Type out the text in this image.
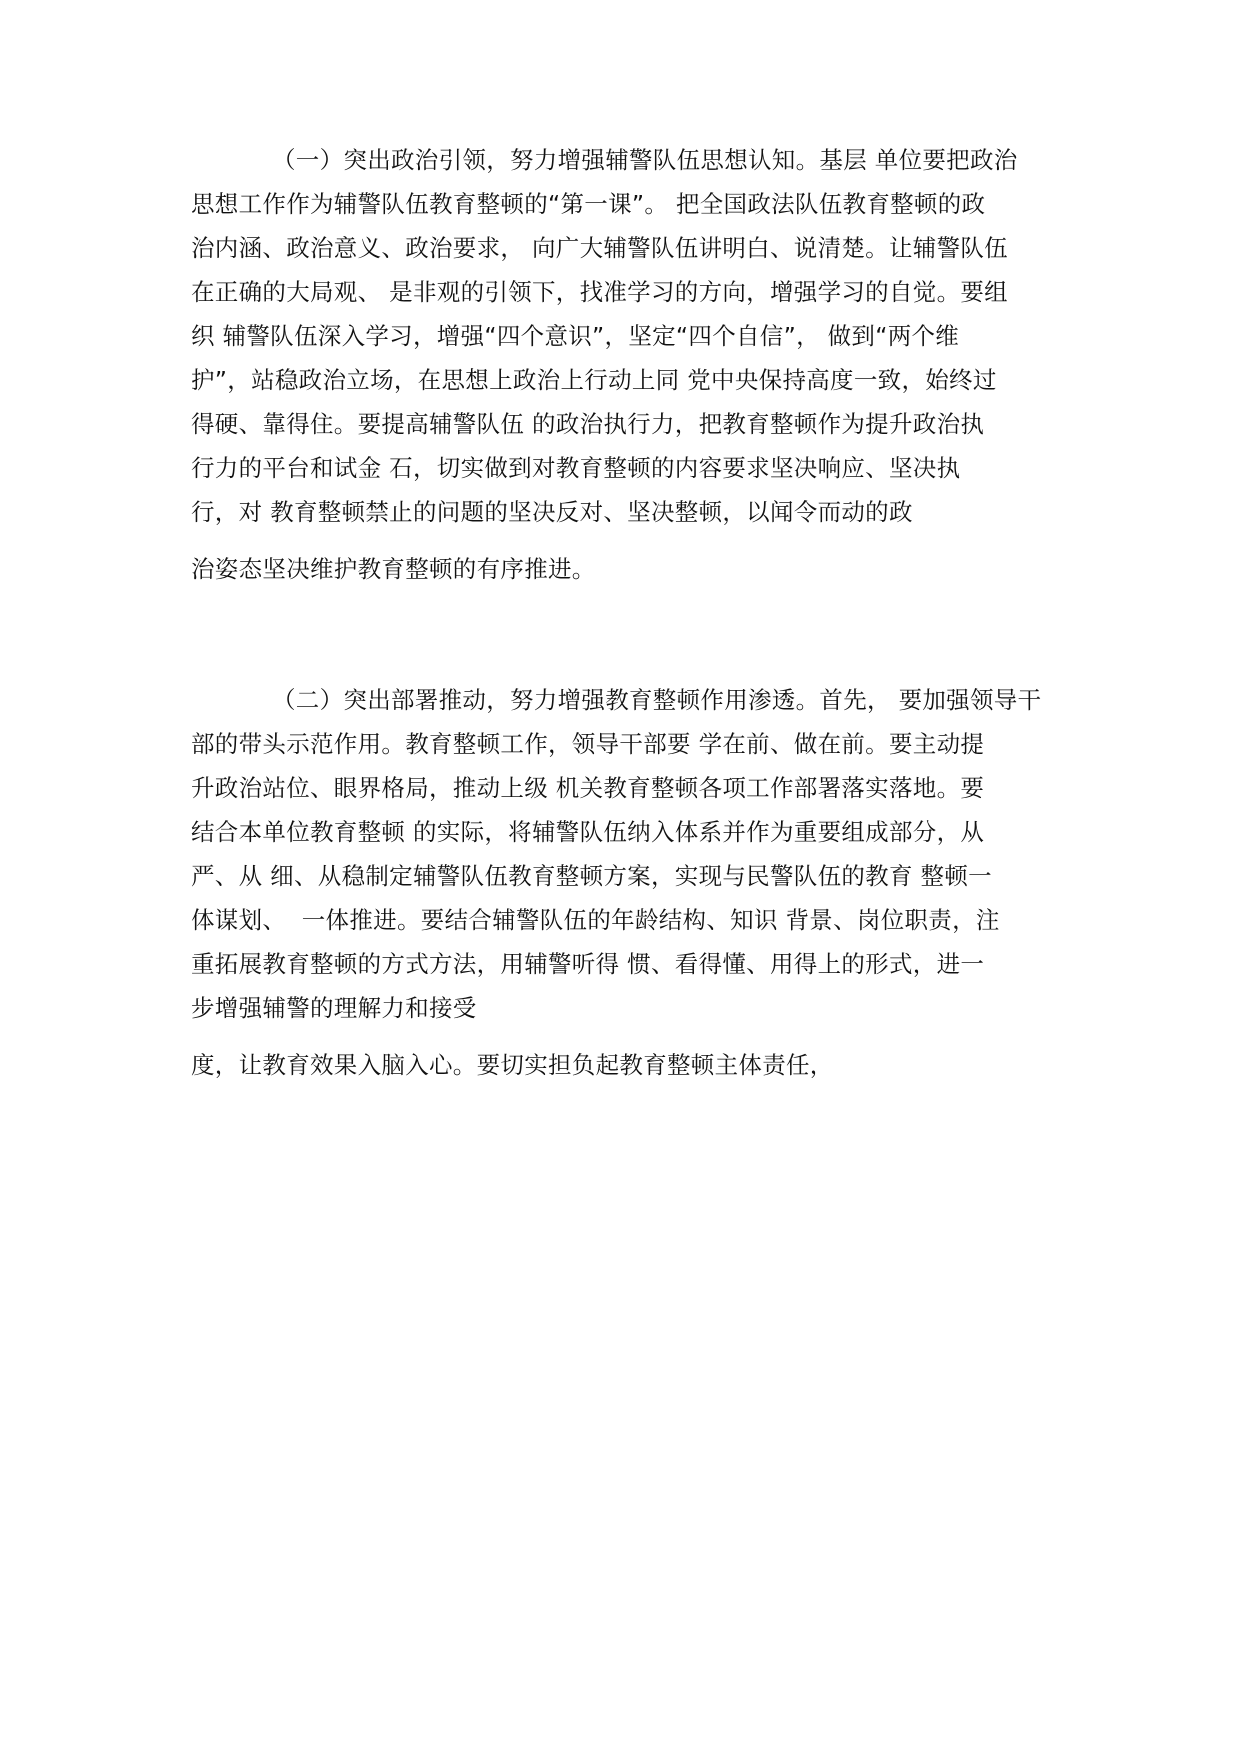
（一）突出政治引领，努力增强辅警队伍思想认知。基层 单位要把政治
思想工作作为辅警队伍教育整顿的“第一课”。 把全国政法队伍教育整顿的政
治内涵、政治意义、政治要求， 向广大辅警队伍讲明白、说清楚。让辅警队伍
在正确的大局观、 是非观的引领下，找准学习的方向，增强学习的自觉。要组
织 辅警队伍深入学习，增强“四个意识”，坚定“四个自信”， 做到“两个维
护”，站稳政治立场，在思想上政治上行动上同 党中央保持高度一致，始终过
得硬、靠得住。要提高辅警队伍 的政治执行力，把教育整顿作为提升政治执
行力的平台和试金 石，切实做到对教育整顿的内容要求坚决响应、坚决执
行，对 教育整顿禁止的问题的坚决反对、坚决整顿，以闻令而动的政
治姿态坚决维护教育整顿的有序推进。
（二）突出部署推动，努力增强教育整顿作用渗透。首先， 要加强领导干
部的带头示范作用。教育整顿工作，领导干部要 学在前、做在前。要主动提
升政治站位、眼界格局，推动上级 机关教育整顿各项工作部署落实落地。要
结合本单位教育整顿 的实际，将辅警队伍纳入体系并作为重要组成部分，从
严、从 细、从稳制定辅警队伍教育整顿方案，实现与民警队伍的教育 整顿一
体谋划、  一体推进。要结合辅警队伍的年龄结构、知识 背景、岗位职责，注
重拓展教育整顿的方式方法，用辅警听得 惯、看得懂、用得上的形式，进一
步增强辅警的理解力和接受
度，让教育效果入脑入心。要切实担负起教育整顿主体责任，
